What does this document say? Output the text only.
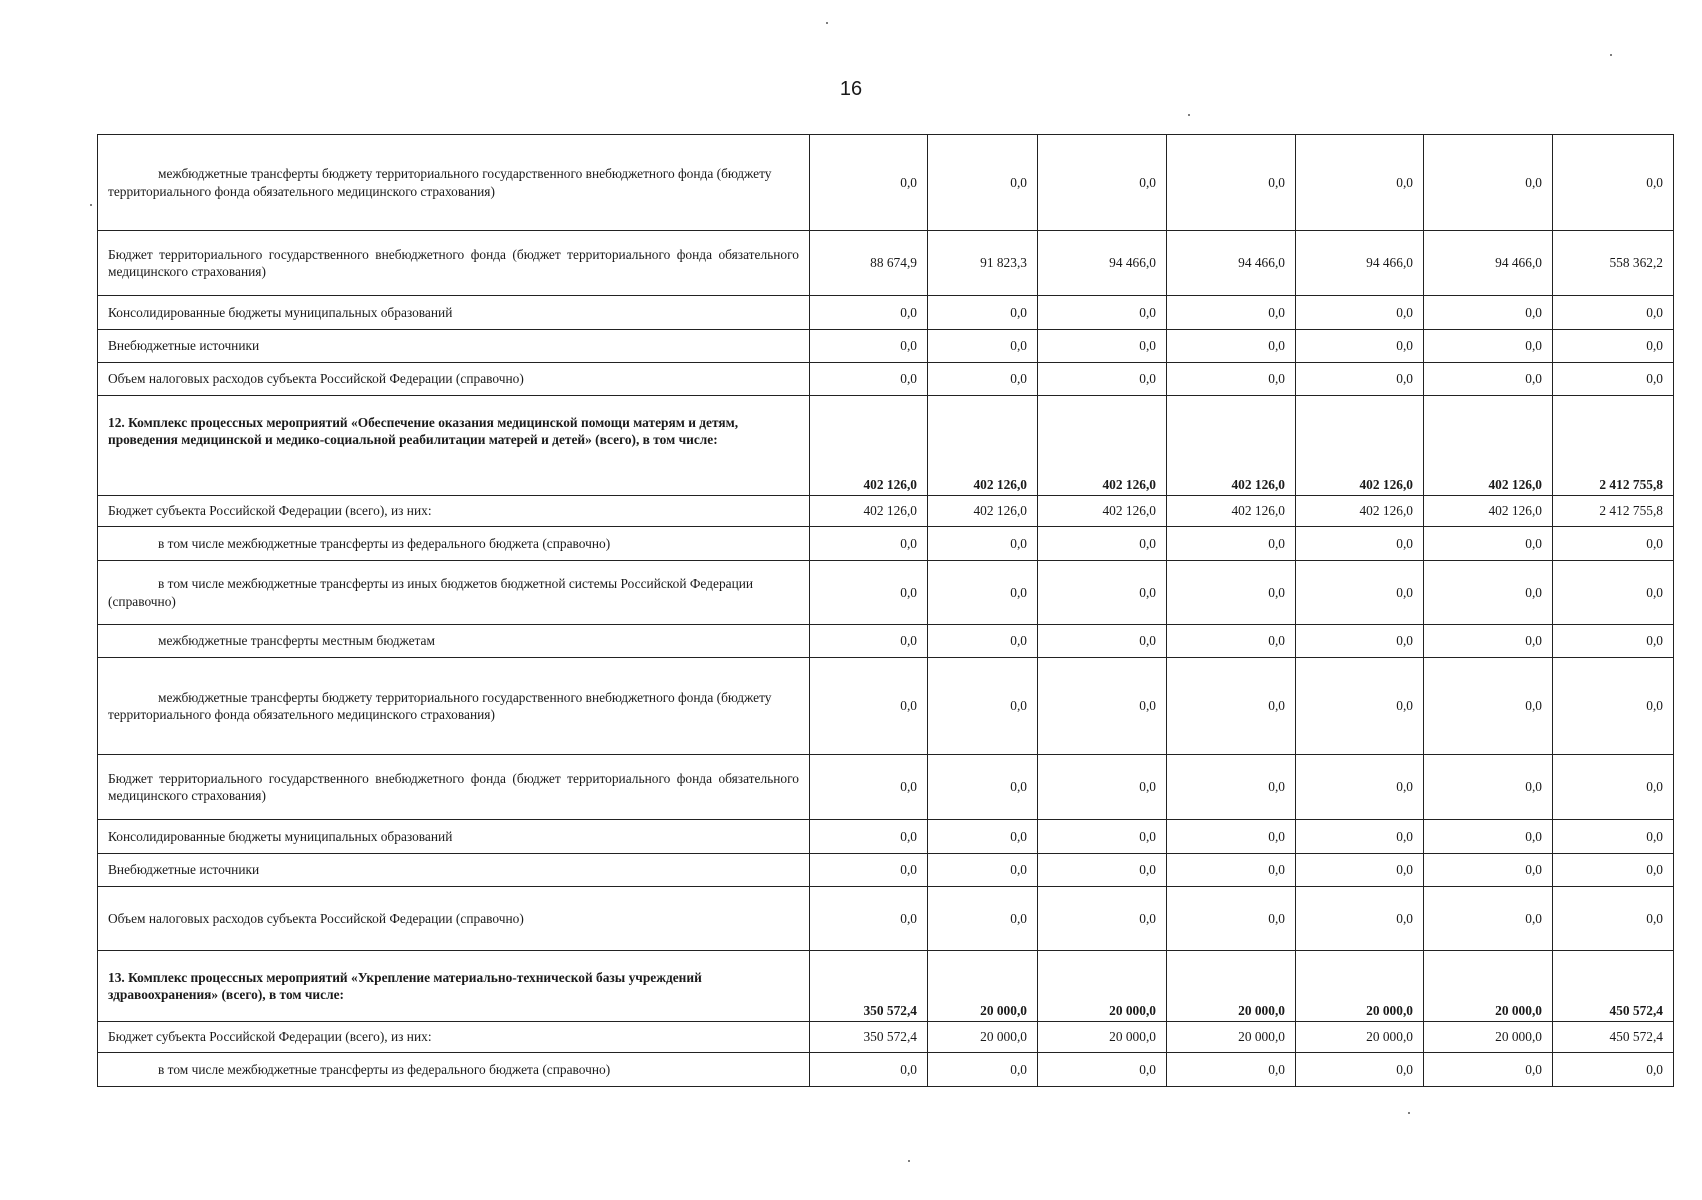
16
межбюджетные трансферты бюджету территориального государственного внебюджетного фонда (бюджету территориального фонда обязательного медицинского страхования)	0,0	0,0	0,0	0,0	0,0	0,0	0,0
Бюджет территориального государственного внебюджетного фонда (бюджет территориального фонда обязательного медицинского страхования)	88 674,9	91 823,3	94 466,0	94 466,0	94 466,0	94 466,0	558 362,2
Консолидированные бюджеты муниципальных образований	0,0	0,0	0,0	0,0	0,0	0,0	0,0
Внебюджетные источники	0,0	0,0	0,0	0,0	0,0	0,0	0,0
Объем налоговых расходов субъекта Российской Федерации (справочно)	0,0	0,0	0,0	0,0	0,0	0,0	0,0
12. Комплекс процессных мероприятий «Обеспечение оказания медицинской помощи матерям и детям, проведения медицинской и медико-социальной реабилитации матерей и детей» (всего), в том числе:	402 126,0	402 126,0	402 126,0	402 126,0	402 126,0	402 126,0	2 412 755,8
Бюджет субъекта Российской Федерации (всего), из них:	402 126,0	402 126,0	402 126,0	402 126,0	402 126,0	402 126,0	2 412 755,8
в том числе межбюджетные трансферты из федерального бюджета (справочно)	0,0	0,0	0,0	0,0	0,0	0,0	0,0
в том числе межбюджетные трансферты из иных бюджетов бюджетной системы Российской Федерации (справочно)	0,0	0,0	0,0	0,0	0,0	0,0	0,0
межбюджетные трансферты местным бюджетам	0,0	0,0	0,0	0,0	0,0	0,0	0,0
межбюджетные трансферты бюджету территориального государственного внебюджетного фонда (бюджету территориального фонда обязательного медицинского страхования)	0,0	0,0	0,0	0,0	0,0	0,0	0,0
Бюджет территориального государственного внебюджетного фонда (бюджет территориального фонда обязательного медицинского страхования)	0,0	0,0	0,0	0,0	0,0	0,0	0,0
Консолидированные бюджеты муниципальных образований	0,0	0,0	0,0	0,0	0,0	0,0	0,0
Внебюджетные источники	0,0	0,0	0,0	0,0	0,0	0,0	0,0
Объем налоговых расходов субъекта Российской Федерации (справочно)	0,0	0,0	0,0	0,0	0,0	0,0	0,0
13. Комплекс процессных мероприятий «Укрепление материально-технической базы учреждений здравоохранения» (всего), в том числе:	350 572,4	20 000,0	20 000,0	20 000,0	20 000,0	20 000,0	450 572,4
Бюджет субъекта Российской Федерации (всего), из них:	350 572,4	20 000,0	20 000,0	20 000,0	20 000,0	20 000,0	450 572,4
в том числе межбюджетные трансферты из федерального бюджета (справочно)	0,0	0,0	0,0	0,0	0,0	0,0	0,0
